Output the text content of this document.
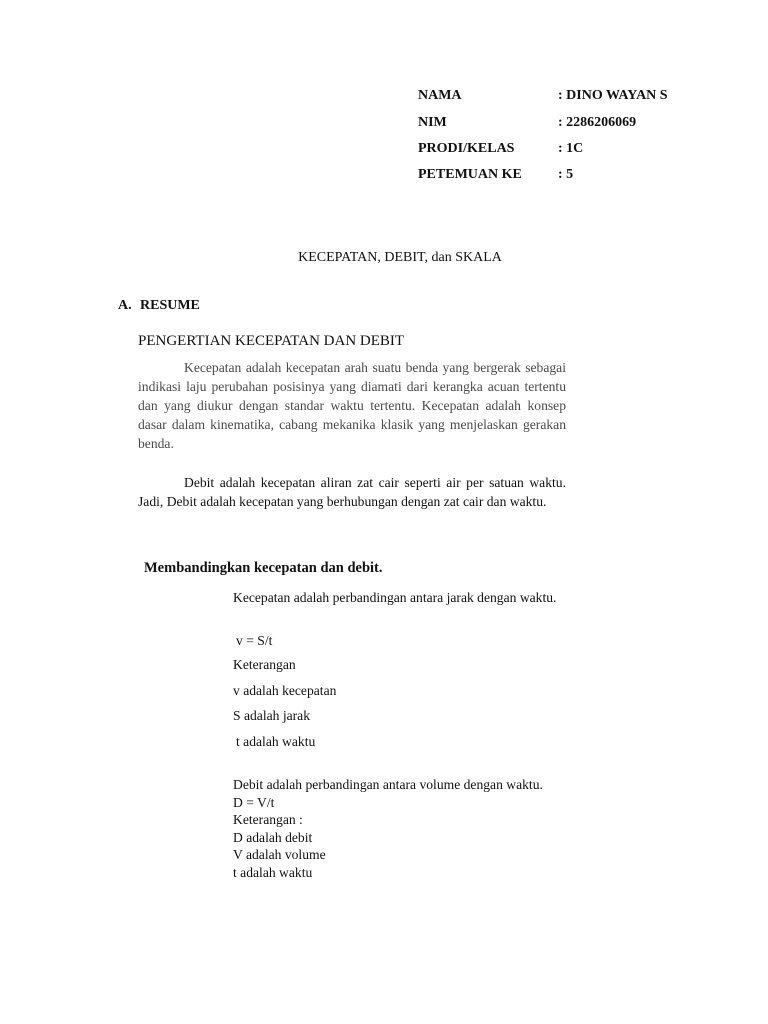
NAMA	: DINO WAYAN S
NIM	: 2286206069
PRODI/KELAS	: 1C
PETEMUAN KE	: 5
KECEPATAN, DEBIT, dan SKALA
A. RESUME
PENGERTIAN KECEPATAN DAN DEBIT

Kecepatan adalah kecepatan arah suatu benda yang bergerak sebagai indikasi laju perubahan posisinya yang diamati dari kerangka acuan tertentu dan yang diukur dengan standar waktu tertentu. Kecepatan adalah konsep dasar dalam kinematika, cabang mekanika klasik yang menjelaskan gerakan benda.

Debit adalah kecepatan aliran zat cair seperti air per satuan waktu. Jadi, Debit adalah kecepatan yang berhubungan dengan zat cair dan waktu.

Membandingkan kecepatan dan debit.
Kecepatan adalah perbandingan antara jarak dengan waktu.
v = S/t
Keterangan
v adalah kecepatan
S adalah jarak
t adalah waktu
Debit adalah perbandingan antara volume dengan waktu.
D = V/t
Keterangan :
D adalah debit
V adalah volume
t adalah waktu
